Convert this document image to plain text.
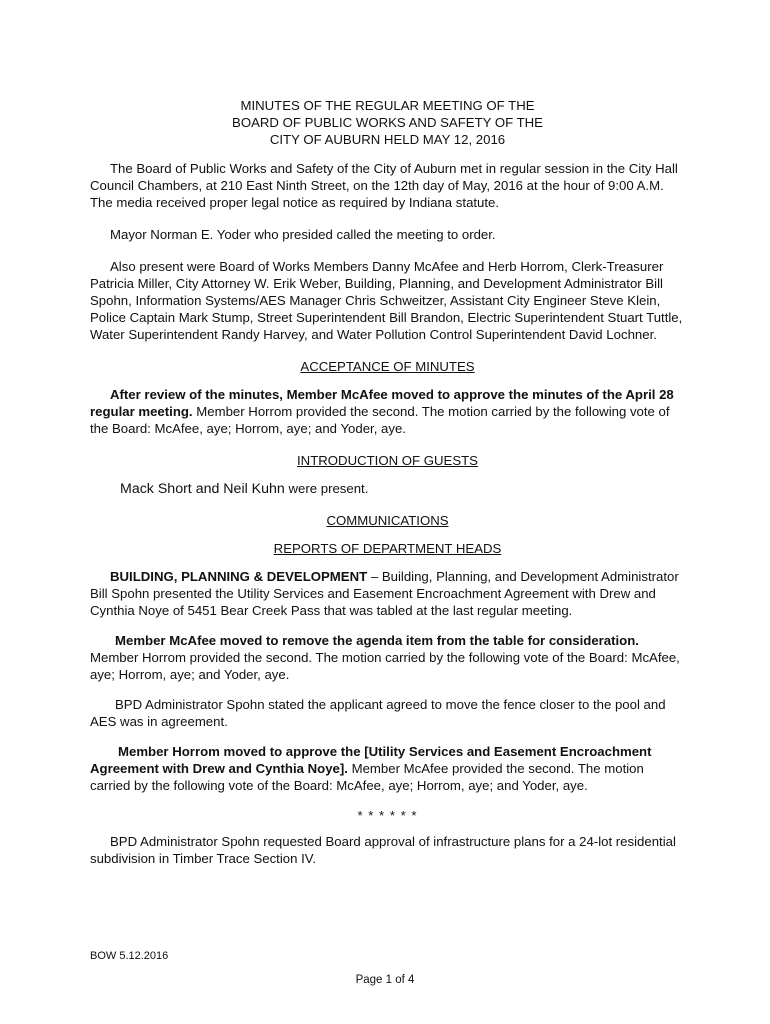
MINUTES OF THE REGULAR MEETING OF THE
BOARD OF PUBLIC WORKS AND SAFETY OF THE
CITY OF AUBURN HELD MAY 12, 2016

The Board of Public Works and Safety of the City of Auburn met in regular session in the City Hall Council Chambers, at 210 East Ninth Street, on the 12th day of May, 2016 at the hour of 9:00 A.M. The media received proper legal notice as required by Indiana statute.

Mayor Norman E. Yoder who presided called the meeting to order.

Also present were Board of Works Members Danny McAfee and Herb Horrom, Clerk-Treasurer Patricia Miller, City Attorney W. Erik Weber, Building, Planning, and Development Administrator Bill Spohn, Information Systems/AES Manager Chris Schweitzer, Assistant City Engineer Steve Klein, Police Captain Mark Stump, Street Superintendent Bill Brandon, Electric Superintendent Stuart Tuttle, Water Superintendent Randy Harvey, and Water Pollution Control Superintendent David Lochner.

ACCEPTANCE OF MINUTES

After review of the minutes, Member McAfee moved to approve the minutes of the April 28 regular meeting. Member Horrom provided the second. The motion carried by the following vote of the Board: McAfee, aye; Horrom, aye; and Yoder, aye.

INTRODUCTION OF GUESTS

Mack Short and Neil Kuhn were present.

COMMUNICATIONS
REPORTS OF DEPARTMENT HEADS

BUILDING, PLANNING & DEVELOPMENT – Building, Planning, and Development Administrator Bill Spohn presented the Utility Services and Easement Encroachment Agreement with Drew and Cynthia Noye of 5451 Bear Creek Pass that was tabled at the last regular meeting.

Member McAfee moved to remove the agenda item from the table for consideration. Member Horrom provided the second. The motion carried by the following vote of the Board: McAfee, aye; Horrom, aye; and Yoder, aye.

BPD Administrator Spohn stated the applicant agreed to move the fence closer to the pool and AES was in agreement.

Member Horrom moved to approve the [Utility Services and Easement Encroachment Agreement with Drew and Cynthia Noye]. Member McAfee provided the second. The motion carried by the following vote of the Board: McAfee, aye; Horrom, aye; and Yoder, aye.

* * * * * *

BPD Administrator Spohn requested Board approval of infrastructure plans for a 24-lot residential subdivision in Timber Trace Section IV.

BOW 5.12.2016
Page 1 of 4
